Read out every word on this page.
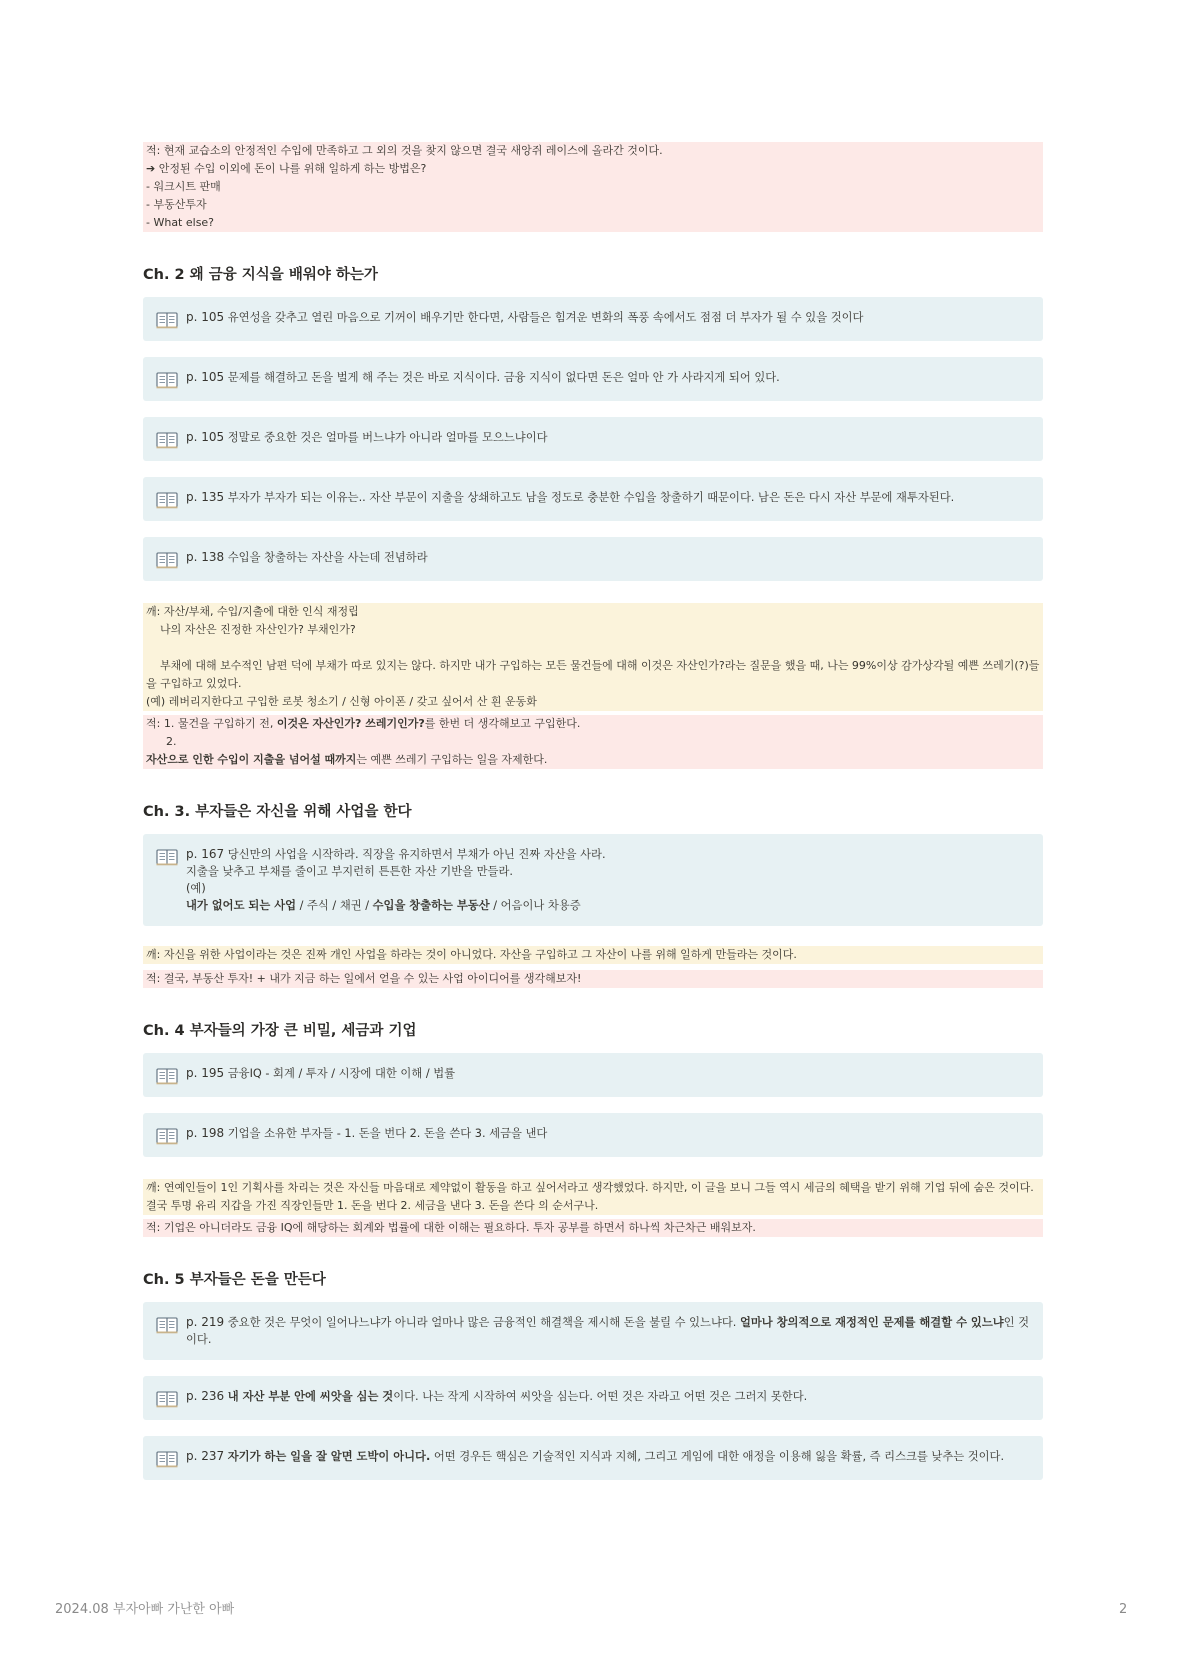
적: 현재 교습소의 안정적인 수입에 만족하고 그 외의 것을 찾지 않으면 결국 새앙쥐 레이스에 올라간 것이다.

➔ 안정된 수입 이외에 돈이 나를 위해 일하게 하는 방법은?

- 워크시트 판매

- 부동산투자

- What else?

Ch. 2 왜 금융 지식을 배워야 하는가
p. 105 유연성을 갖추고 열린 마음으로 기꺼이 배우기만 한다면, 사람들은 힘겨운 변화의 폭풍 속에서도 점점 더 부자가 될 수 있을 것이다
p. 105 문제를 해결하고 돈을 벌게 해 주는 것은 바로 지식이다. 금융 지식이 없다면 돈은 얼마 안 가 사라지게 되어 있다.
p. 105 정말로 중요한 것은 얼마를 버느냐가 아니라 얼마를 모으느냐이다
p. 135 부자가 부자가 되는 이유는.. 자산 부문이 지출을 상쇄하고도 남을 정도로 충분한 수입을 창출하기 때문이다. 남은 돈은 다시 자산 부문에 재투자된다.
p. 138 수입을 창출하는 자산을 사는데 전념하라

깨: 자산/부채, 수입/지출에 대한 인식 재정립

나의 자산은 진정한 자산인가? 부채인가?

부채에 대해 보수적인 남편 덕에 부채가 따로 있지는 않다. 하지만 내가 구입하는 모든 물건들에 대해 이것은 자산인가?라는 질문을 했을 때, 나는 99%이상 감가상각될 예쁜 쓰레기(?)들을 구입하고 있었다.

(예) 레버리지한다고 구입한 로봇 청소기 / 신형 아이폰 / 갖고 싶어서 산 흰 운동화

적: 1. 물건을 구입하기 전, 이것은 자산인가? 쓰레기인가?를 한번 더 생각해보고 구입한다.

2.

자산으로 인한 수입이 지출을 넘어설 때까지는 예쁜 쓰레기 구입하는 일을 자제한다.

Ch. 3. 부자들은 자신을 위해 사업을 한다
p. 167 당신만의 사업을 시작하라. 직장을 유지하면서 부채가 아닌 진짜 자산을 사라.
지출을 낮추고 부채를 줄이고 부지런히 튼튼한 자산 기반을 만들라.
(예)
내가 없어도 되는 사업 / 주식 / 채권 / 수입을 창출하는 부동산 / 어음이나 차용증

깨: 자신을 위한 사업이라는 것은 진짜 개인 사업을 하라는 것이 아니었다. 자산을 구입하고 그 자산이 나를 위해 일하게 만들라는 것이다.

적: 결국, 부동산 투자! + 내가 지금 하는 일에서 얻을 수 있는 사업 아이디어를 생각해보자!

Ch. 4 부자들의 가장 큰 비밀, 세금과 기업
p. 195 금융IQ - 회계 / 투자 / 시장에 대한 이해 / 법률
p. 198 기업을 소유한 부자들 - 1. 돈을 번다 2. 돈을 쓴다 3. 세금을 낸다

깨: 연예인들이 1인 기획사를 차리는 것은 자신들 마음대로 제약없이 활동을 하고 싶어서라고 생각했었다. 하지만, 이 글을 보니 그들 역시 세금의 혜택을 받기 위해 기업 뒤에 숨은 것이다. 결국 투명 유리 지갑을 가진 직장인들만 1. 돈을 번다 2. 세금을 낸다 3. 돈을 쓴다 의 순서구나.

적: 기업은 아니더라도 금융 IQ에 해당하는 회계와 법률에 대한 이해는 필요하다. 투자 공부를 하면서 하나씩 차근차근 배워보자.

Ch. 5 부자들은 돈을 만든다
p. 219 중요한 것은 무엇이 일어나느냐가 아니라 얼마나 많은 금융적인 해결책을 제시해 돈을 불릴 수 있느냐다. 얼마나 창의적으로 재정적인 문제를 해결할 수 있느냐인 것이다.
p. 236 내 자산 부분 안에 씨앗을 심는 것이다. 나는 작게 시작하여 씨앗을 심는다. 어떤 것은 자라고 어떤 것은 그러지 못한다.
p. 237 자기가 하는 일을 잘 알면 도박이 아니다. 어떤 경우든 핵심은 기술적인 지식과 지혜, 그리고 게임에 대한 애정을 이용해 잃을 확률, 즉 리스크를 낮추는 것이다.
2024.08 부자아빠 가난한 아빠	2
